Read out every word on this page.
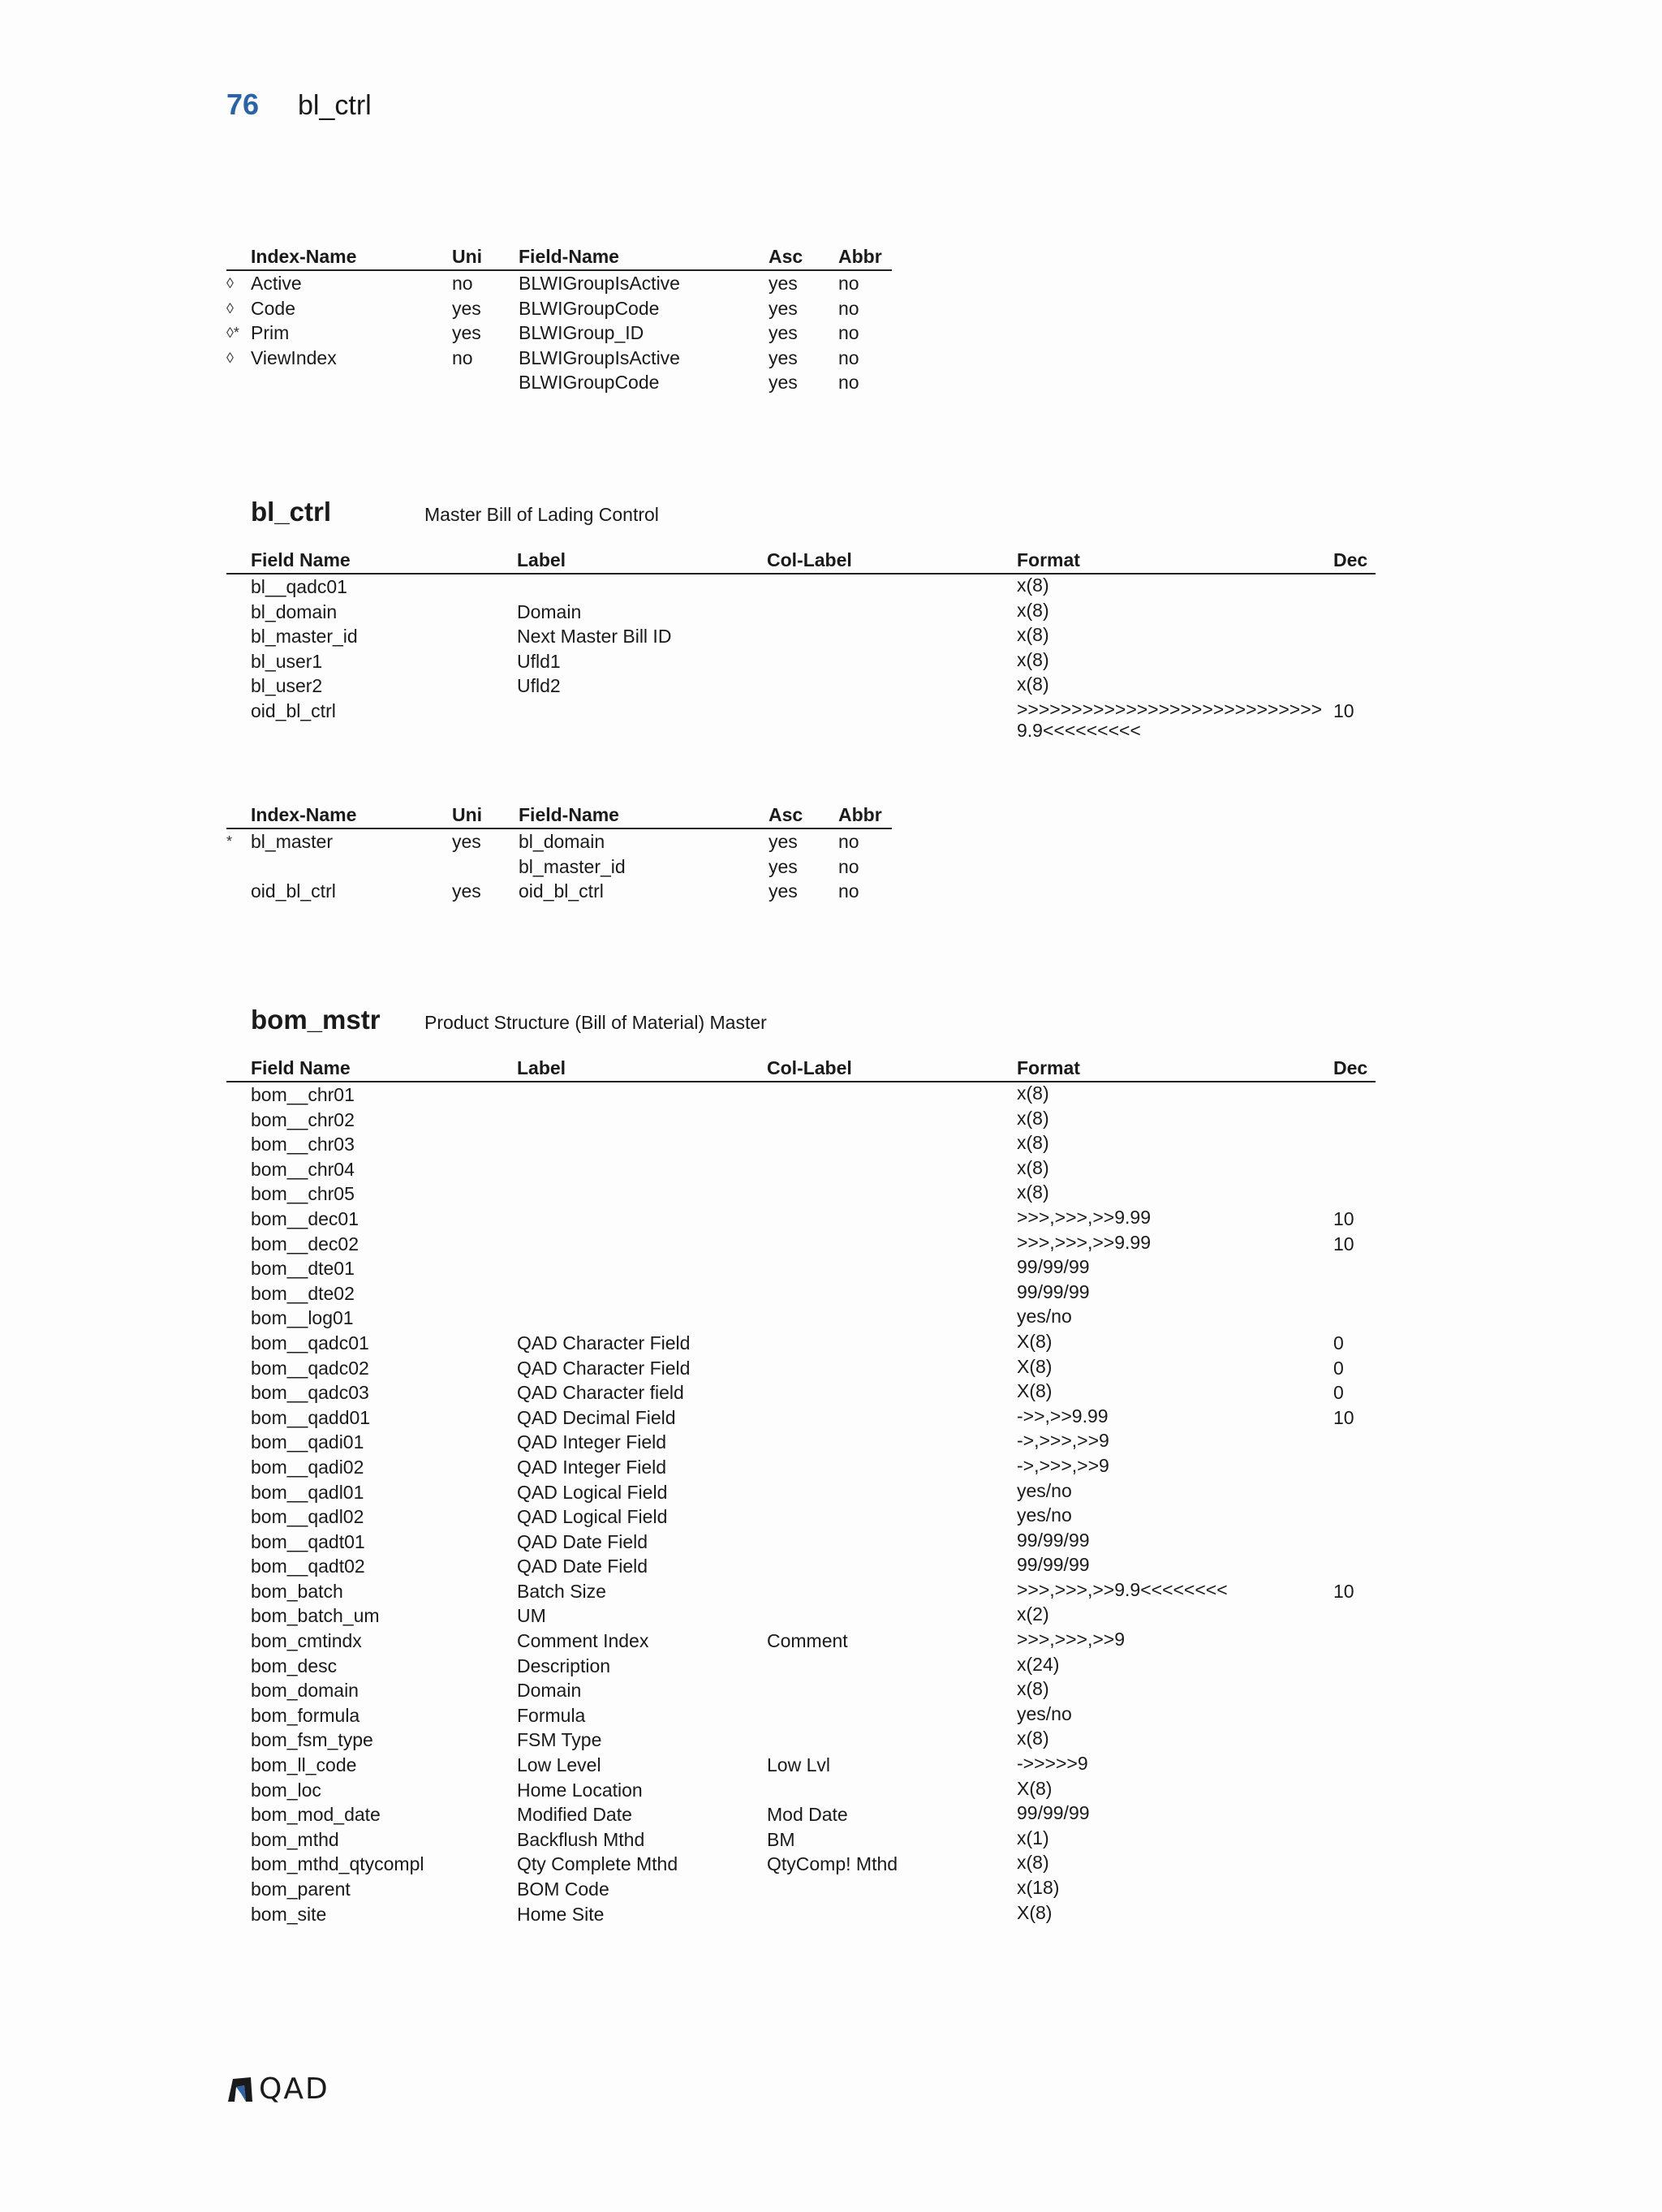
76	bl_ctrl
	Index-Name	Uni	Field-Name	Asc	Abbr
◊	Active	no	BLWIGroupIsActive	yes	no
◊	Code	yes	BLWIGroupCode	yes	no
◊*	Prim	yes	BLWIGroup_ID	yes	no
◊	ViewIndex	no	BLWIGroupIsActive	yes	no
			BLWIGroupCode	yes	no
bl_ctrl	Master Bill of Lading Control
	Field Name	Label	Col-Label	Format	Dec
	bl__qadc01			x(8)	
	bl_domain	Domain		x(8)	
	bl_master_id	Next Master Bill ID		x(8)	
	bl_user1	Ufld1		x(8)	
	bl_user2	Ufld2		x(8)	
	oid_bl_ctrl			>>>>>>>>>>>>>>>>>>>>>>>>>>>>9.9<<<<<<<<<	10
	Index-Name	Uni	Field-Name	Asc	Abbr
*	bl_master	yes	bl_domain	yes	no
			bl_master_id	yes	no
	oid_bl_ctrl	yes	oid_bl_ctrl	yes	no
bom_mstr	Product Structure (Bill of Material) Master
	Field Name	Label	Col-Label	Format	Dec
	bom__chr01			x(8)	
	bom__chr02			x(8)	
	bom__chr03			x(8)	
	bom__chr04			x(8)	
	bom__chr05			x(8)	
	bom__dec01			>>>,>>>,>>9.99	10
	bom__dec02			>>>,>>>,>>9.99	10
	bom__dte01			99/99/99	
	bom__dte02			99/99/99	
	bom__log01			yes/no	
	bom__qadc01	QAD Character Field		X(8)	0
	bom__qadc02	QAD Character Field		X(8)	0
	bom__qadc03	QAD Character field		X(8)	0
	bom__qadd01	QAD Decimal Field		->>,>>9.99	10
	bom__qadi01	QAD Integer Field		->,>>>,>>9	
	bom__qadi02	QAD Integer Field		->,>>>,>>9	
	bom__qadl01	QAD Logical Field		yes/no	
	bom__qadl02	QAD Logical Field		yes/no	
	bom__qadt01	QAD Date Field		99/99/99	
	bom__qadt02	QAD Date Field		99/99/99	
	bom_batch	Batch Size		>>>,>>>,>>9.9<<<<<<<<	10
	bom_batch_um	UM		x(2)	
	bom_cmtindx	Comment Index	Comment	>>>,>>>,>>9	
	bom_desc	Description		x(24)	
	bom_domain	Domain		x(8)	
	bom_formula	Formula		yes/no	
	bom_fsm_type	FSM Type		x(8)	
	bom_ll_code	Low Level	Low Lvl	->>>>>9	
	bom_loc	Home Location		X(8)	
	bom_mod_date	Modified Date	Mod Date	99/99/99	
	bom_mthd	Backflush Mthd	BM	x(1)	
	bom_mthd_qtycompl	Qty Complete Mthd	QtyComp! Mthd	x(8)	
	bom_parent	BOM Code		x(18)	
	bom_site	Home Site		X(8)	
QAD
